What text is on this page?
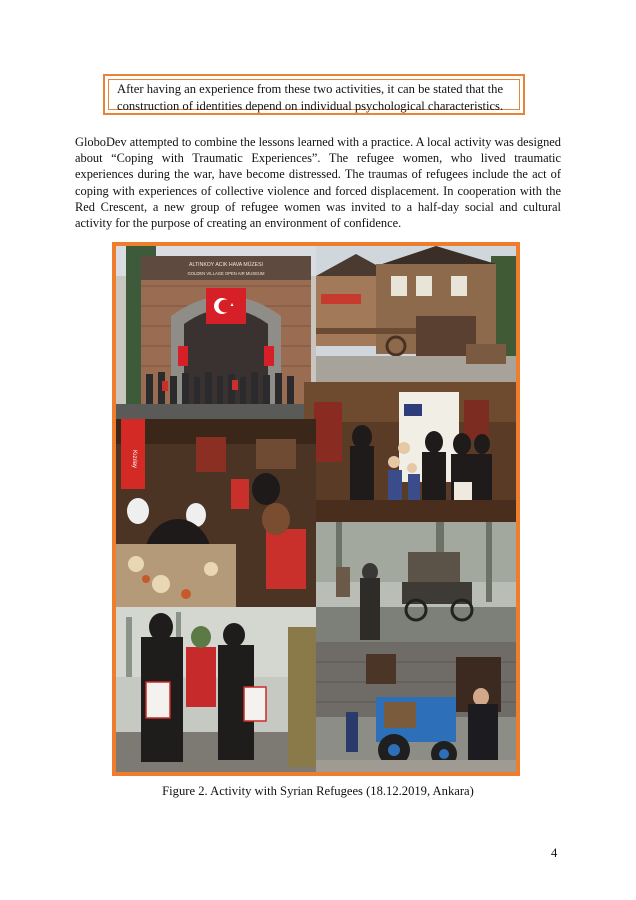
After having an experience from these two activities, it can be stated that the construction of identities depend on individual psychological characteristics.

GloboDev attempted to combine the lessons learned with a practice. A local activity was designed about “Coping with Traumatic Experiences”. The refugee women, who lived traumatic experiences during the war, have become distressed. The traumas of refugees include the act of coping with experiences of collective violence and forced displacement. In cooperation with the Red Crescent, a new group of refugee women was invited to a half-day social and cultural activity for the purpose of creating an environment of confidence.

ALTINKOY ACIK HAVA MÜZESI
GOLDEN VILLAGE OPEN AIR MUSEUM
Kızılay
Figure 2. Activity with Syrian Refugees (18.12.2019, Ankara)
4
